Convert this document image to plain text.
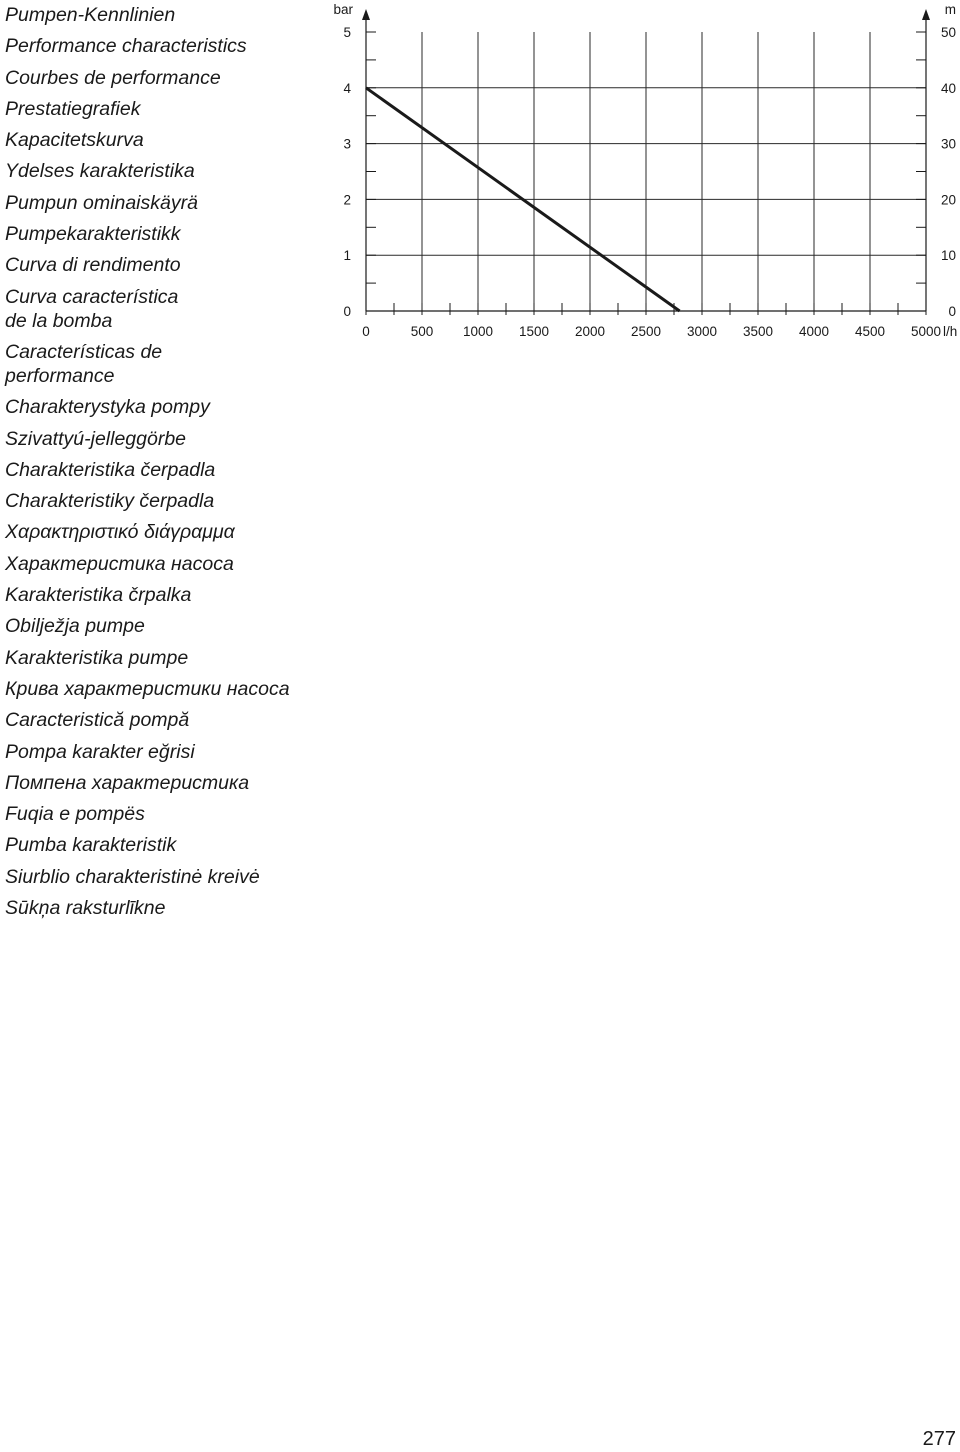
Pumpen-Kennlinien
Performance characteristics
Courbes de performance
Prestatiegrafiek
Kapacitetskurva
Ydelses karakteristika
Pumpun ominaiskäyrä
Pumpekarakteristikk
Curva di rendimento
Curva característica
de la bomba
Características de
performance
Charakterystyka pompy
Szivattyú-jelleggörbe
Charakteristika čerpadla
Charakteristiky čerpadla
Χαρακτηριστικό διάγραμμα
Характеристика насоса
Karakteristika črpalka
Obilježja pumpe
Karakteristika pumpe
Крива характеристики насоса
Caracteristică pompă
Pompa karakter eğrisi
Помпена характеристика
Fuqia e pompës
Pumba karakteristik
Siurblio charakteristinė kreivė
Sūkņa raksturlīkne
0	500 1000 1500 2000 2500 3000 3500 4000 4500 5000
0
1
2
3
4
5
0
10
20
30
40
50
bar	m
l/h
277
